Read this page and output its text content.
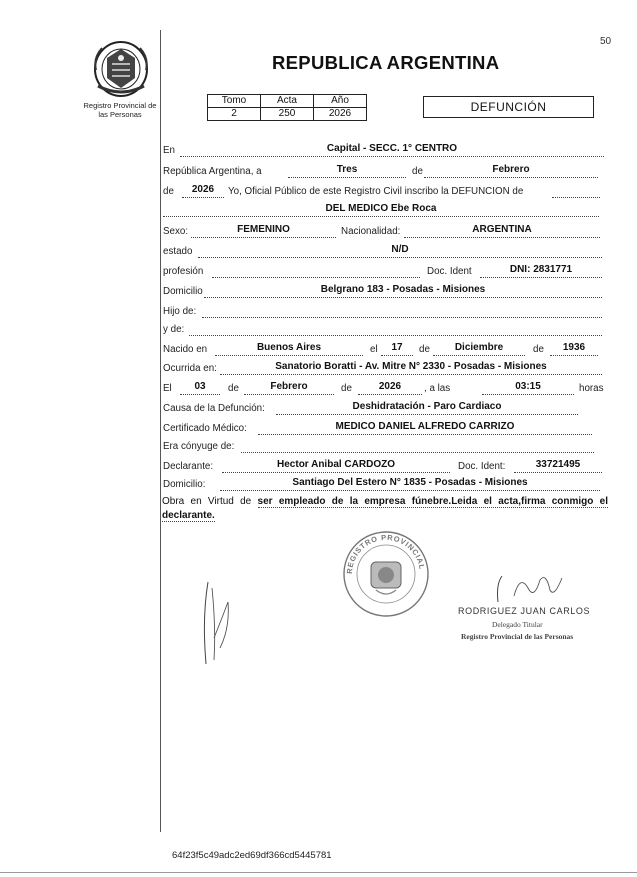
50
Registro Provincial de
las Personas
REPUBLICA ARGENTINA
Tomo	Acta	Año
2	250	2026	DEFUNCIÓN
En	Capital - SECC. 1° CENTRO
República Argentina, a	Tres	de	Febrero
de	2026	Yo, Oficial Público de este Registro Civil inscribo la DEFUNCION de
DEL MEDICO Ebe Roca
Sexo:	FEMENINO	Nacionalidad:	ARGENTINA
estado	N/D
profesión	Doc. Ident	DNI: 2831771
Domicilio	Belgrano 183 - Posadas - Misiones
Hijo de:
y de:
Nacido en	Buenos Aires	el	17	de	Diciembre	de	1936
Ocurrida en:	Sanatorio Boratti - Av. Mitre N° 2330 - Posadas - Misiones
El	03	de	Febrero	de	2026	, a las	03:15	horas
Causa de la Defunción:	Deshidratación - Paro Cardiaco
Certificado Médico:	MEDICO DANIEL ALFREDO CARRIZO
Era cónyuge de:
Declarante:	Hector Anibal CARDOZO	Doc. Ident:	33721495
Domicilio:	Santiago Del Estero N° 1835 - Posadas - Misiones
Obra en Virtud de ser empleado de la empresa fúnebre.Leida el acta,firma conmigo el declarante.
REGISTRO PROVINCIAL
RODRIGUEZ JUAN CARLOS
Delegado Titular
Registro Provincial de las Personas
64f23f5c49adc2ed69df366cd5445781
